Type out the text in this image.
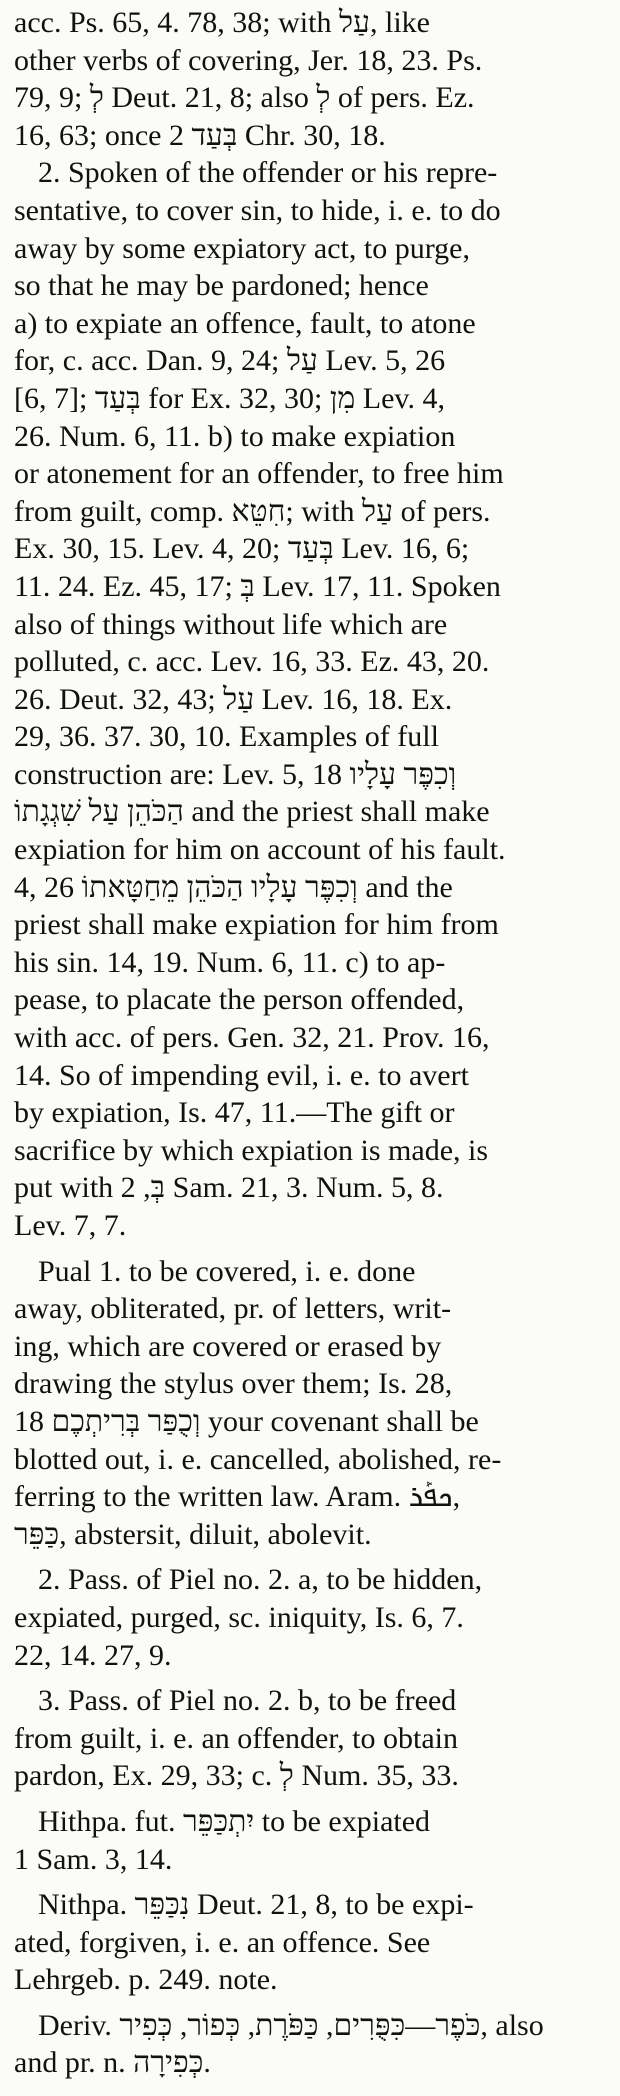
acc. Ps. 65, 4. 78, 38; with עַל, like
other verbs of covering, Jer. 18, 23. Ps.
79, 9; לְ Deut. 21, 8; also לְ of pers. Ez.
16, 63; once בְּעַד 2 Chr. 30, 18.
2. Spoken of the offender or his repre-
sentative, to cover sin, to hide, i. e. to do
away by some expiatory act, to purge,
so that he may be pardoned; hence
a) to expiate an offence, fault, to atone
for, c. acc. Dan. 9, 24; עַל Lev. 5, 26
[6, 7]; בְּעַד for Ex. 32, 30; מִן Lev. 4,
26. Num. 6, 11. b) to make expiation
or atonement for an offender, to free him
from guilt, comp. חִטֵּא; with עַל of pers.
Ex. 30, 15. Lev. 4, 20; בְּעַד Lev. 16, 6;
11. 24. Ez. 45, 17; בְּ Lev. 17, 11. Spoken
also of things without life which are
polluted, c. acc. Lev. 16, 33. Ez. 43, 20.
26. Deut. 32, 43; עַל Lev. 16, 18. Ex.
29, 36. 37. 30, 10. Examples of full
construction are: Lev. 5, 18 וְכִפֶּר עָלָיו
הַכֹּהֵן עַל שִׁגְגָתוֹ and the priest shall make
expiation for him on account of his fault.
4, 26 וְכִפֶּר עָלָיו הַכֹּהֵן מֵחַטָּאתוֹ and the
priest shall make expiation for him from
his sin. 14, 19. Num. 6, 11. c) to ap-
pease, to placate the person offended,
with acc. of pers. Gen. 32, 21. Prov. 16,
14. So of impending evil, i. e. to avert
by expiation, Is. 47, 11.—The gift or
sacrifice by which expiation is made, is
put with בְּ, 2 Sam. 21, 3. Num. 5, 8.
Lev. 7, 7.
Pual 1. to be covered, i. e. done
away, obliterated, pr. of letters, writ-
ing, which are covered or erased by
drawing the stylus over them; Is. 28,
18 וְכֻפַּר בְּרִיתְכֶם your covenant shall be
blotted out, i. e. cancelled, abolished, re-
ferring to the written law. Aram. ܟܦܰܪ,
כַּפֵּר, abstersit, diluit, abolevit.
2. Pass. of Piel no. 2. a, to be hidden,
expiated, purged, sc. iniquity, Is. 6, 7.
22, 14. 27, 9.
3. Pass. of Piel no. 2. b, to be freed
from guilt, i. e. an offender, to obtain
pardon, Ex. 29, 33; c. לְ Num. 35, 33.
Hithpa. fut. יִתְכַּפֵּר to be expiated
1 Sam. 3, 14.
Nithpa. נִכַּפֵּר Deut. 21, 8, to be expi-
ated, forgiven, i. e. an offence. See
Lehrgeb. p. 249. note.
Deriv. כֹּפֶר—כִּפֻּרִים, כַּפֹּרֶת, כְּפוֹר, כְּפִיר, also
and pr. n. כְּפִירָה.
